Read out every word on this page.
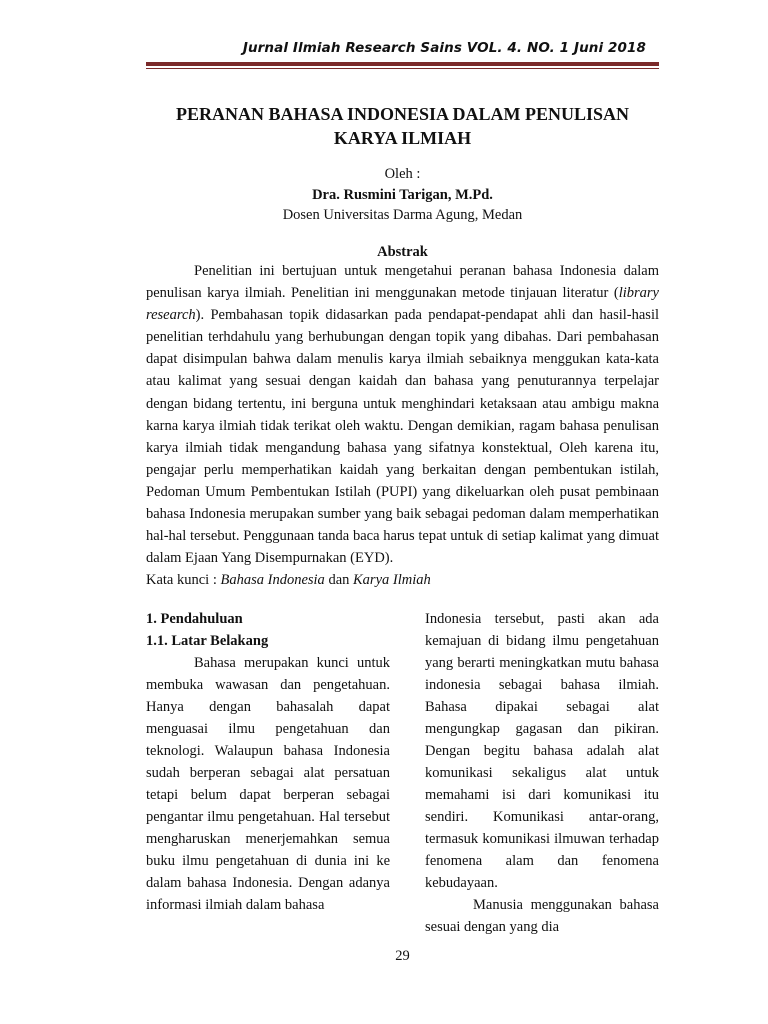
Jurnal Ilmiah Research Sains VOL. 4. NO. 1 Juni 2018
PERANAN BAHASA INDONESIA DALAM PENULISAN
KARYA ILMIAH
Oleh :
Dra. Rusmini Tarigan, M.Pd.
Dosen Universitas Darma Agung, Medan
Abstrak

Penelitian ini bertujuan untuk mengetahui peranan bahasa Indonesia dalam penulisan karya ilmiah. Penelitian ini menggunakan metode tinjauan literatur (library research). Pembahasan topik didasarkan pada pendapat-pendapat ahli dan hasil-hasil penelitian terhdahulu yang berhubungan dengan topik yang dibahas. Dari pembahasan dapat disimpulan bahwa dalam menulis karya ilmiah sebaiknya menggukan kata-kata atau kalimat yang sesuai dengan kaidah dan bahasa yang penuturannya terpelajar dengan bidang tertentu, ini berguna untuk menghindari ketaksaan atau ambigu makna karna karya ilmiah tidak terikat oleh waktu. Dengan demikian, ragam bahasa penulisan karya ilmiah tidak mengandung bahasa yang sifatnya konstektual, Oleh karena itu, pengajar perlu memperhatikan kaidah yang berkaitan dengan pembentukan istilah, Pedoman Umum Pembentukan Istilah (PUPI) yang dikeluarkan oleh pusat pembinaan bahasa Indonesia merupakan sumber yang baik sebagai pedoman dalam memperhatikan hal-hal tersebut. Penggunaan tanda baca harus tepat untuk di setiap kalimat yang dimuat dalam Ejaan Yang Disempurnakan (EYD).

Kata kunci : Bahasa Indonesia dan Karya Ilmiah
1. Pendahuluan
1.1. Latar Belakang

Bahasa merupakan kunci untuk membuka wawasan dan pengetahuan. Hanya dengan bahasalah dapat menguasai ilmu pengetahuan dan teknologi. Walaupun bahasa Indonesia sudah berperan sebagai alat persatuan tetapi belum dapat berperan sebagai pengantar ilmu pengetahuan. Hal tersebut mengharuskan menerjemahkan semua buku ilmu pengetahuan di dunia ini ke dalam bahasa Indonesia. Dengan adanya informasi ilmiah dalam bahasa

Indonesia tersebut, pasti akan ada kemajuan di bidang ilmu pengetahuan yang berarti meningkatkan mutu bahasa indonesia sebagai bahasa ilmiah. Bahasa dipakai sebagai alat mengungkap gagasan dan pikiran. Dengan begitu bahasa adalah alat komunikasi sekaligus alat untuk memahami isi dari komunikasi itu sendiri. Komunikasi antar-orang, termasuk komunikasi ilmuwan terhadap fenomena alam dan fenomena kebudayaan.

Manusia menggunakan bahasa sesuai dengan yang dia

29
